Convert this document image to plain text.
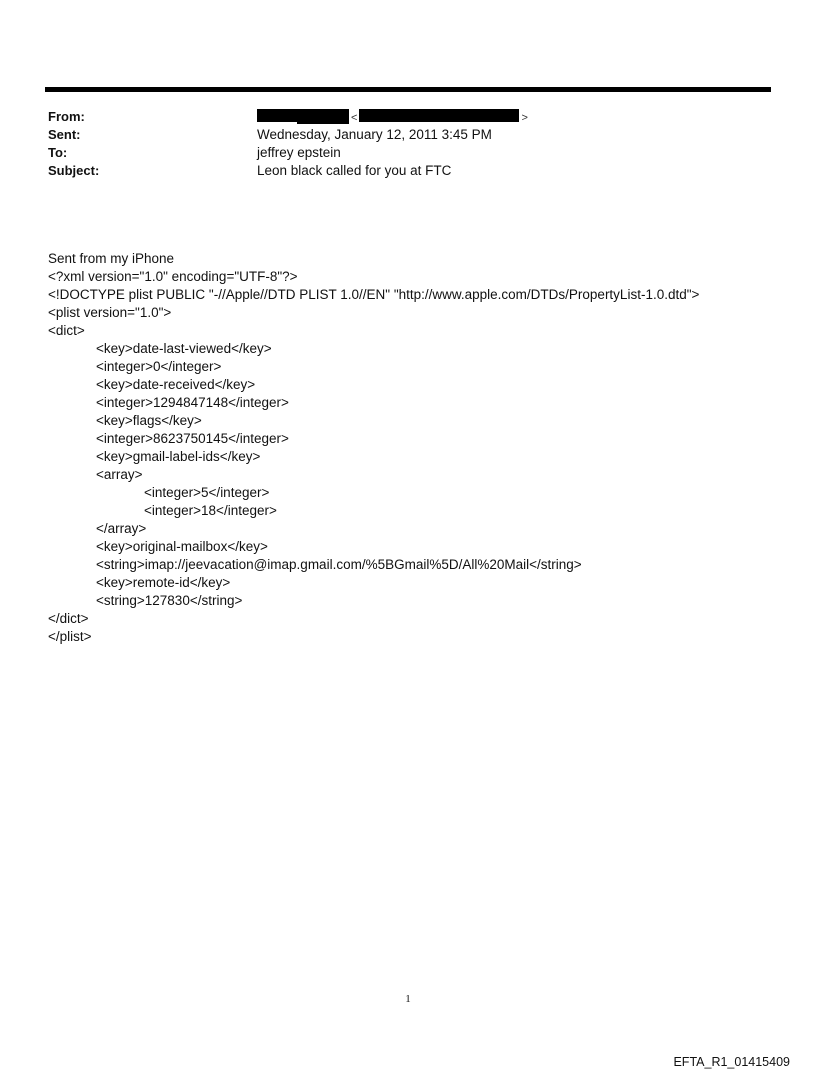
From:
Sent:
To:
Subject:
<	>
Wednesday, January 12, 2011 3:45 PM
jeffrey epstein
Leon black called for you at FTC
Sent from my iPhone
<?xml version="1.0" encoding="UTF-8"?>
<!DOCTYPE plist PUBLIC "-//Apple//DTD PLIST 1.0//EN" "http://www.apple.com/DTDs/PropertyList-1.0.dtd">
<plist version="1.0">
<dict>
<key>date-last-viewed</key>
<integer>0</integer>
<key>date-received</key>
<integer>1294847148</integer>
<key>flags</key>
<integer>8623750145</integer>
<key>gmail-label-ids</key>
<array>
<integer>5</integer>
<integer>18</integer>
</array>
<key>original-mailbox</key>
<string>imap://jeevacation@imap.gmail.com/%5BGmail%5D/All%20Mail</string>
<key>remote-id</key>
<string>127830</string>
</dict>
</plist>
1
EFTA_R1_01415409
